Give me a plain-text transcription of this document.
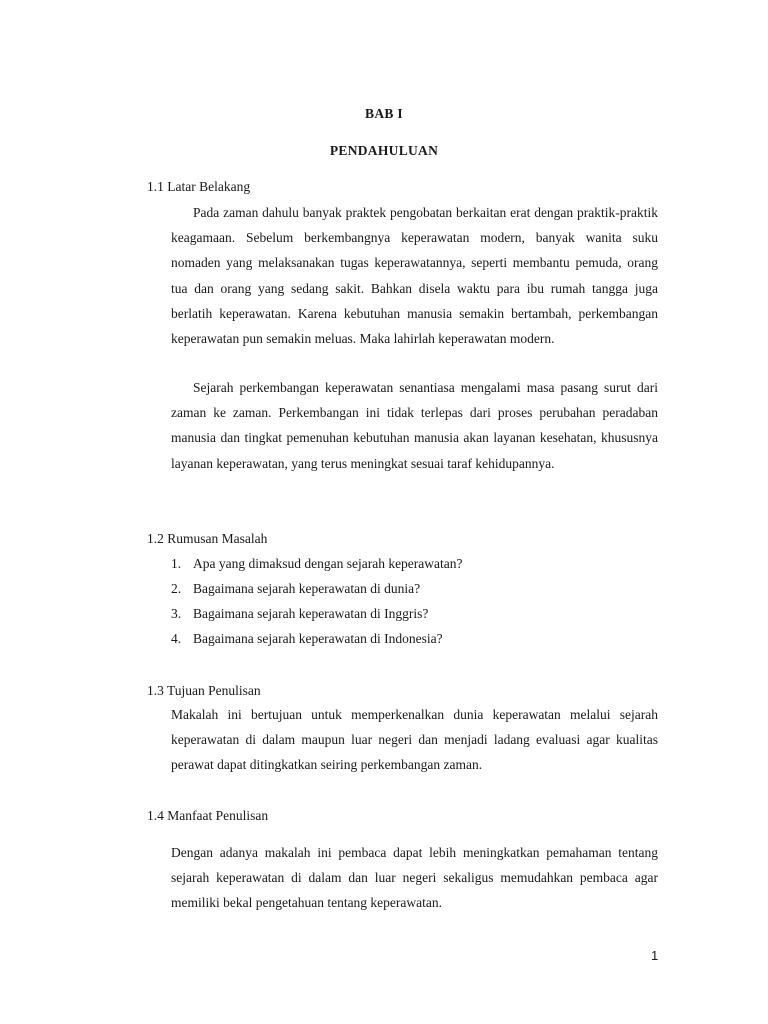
BAB I
PENDAHULUAN
1.1 Latar Belakang

Pada zaman dahulu banyak praktek pengobatan berkaitan erat dengan praktik-praktik keagamaan. Sebelum berkembangnya keperawatan modern, banyak wanita suku nomaden yang melaksanakan tugas keperawatannya, seperti membantu pemuda, orang tua dan orang yang sedang sakit. Bahkan disela waktu para ibu rumah tangga juga berlatih keperawatan. Karena kebutuhan manusia semakin bertambah, perkembangan keperawatan pun semakin meluas. Maka lahirlah keperawatan modern.

Sejarah perkembangan keperawatan senantiasa mengalami masa pasang surut dari zaman ke zaman. Perkembangan ini tidak terlepas dari proses perubahan peradaban manusia dan tingkat pemenuhan kebutuhan manusia akan layanan kesehatan, khususnya layanan keperawatan, yang terus meningkat sesuai taraf kehidupannya.

1.2 Rumusan Masalah
1. Apa yang dimaksud dengan sejarah keperawatan?
2. Bagaimana sejarah keperawatan di dunia?
3. Bagaimana sejarah keperawatan di Inggris?
4. Bagaimana sejarah keperawatan di Indonesia?
1.3 Tujuan Penulisan

Makalah ini bertujuan untuk memperkenalkan dunia keperawatan melalui sejarah keperawatan di dalam maupun luar negeri dan menjadi ladang evaluasi agar kualitas perawat dapat ditingkatkan seiring perkembangan zaman.

1.4 Manfaat Penulisan

Dengan adanya makalah ini pembaca dapat lebih meningkatkan pemahaman tentang sejarah keperawatan di dalam dan luar negeri sekaligus memudahkan pembaca agar memiliki bekal pengetahuan tentang keperawatan.

1
